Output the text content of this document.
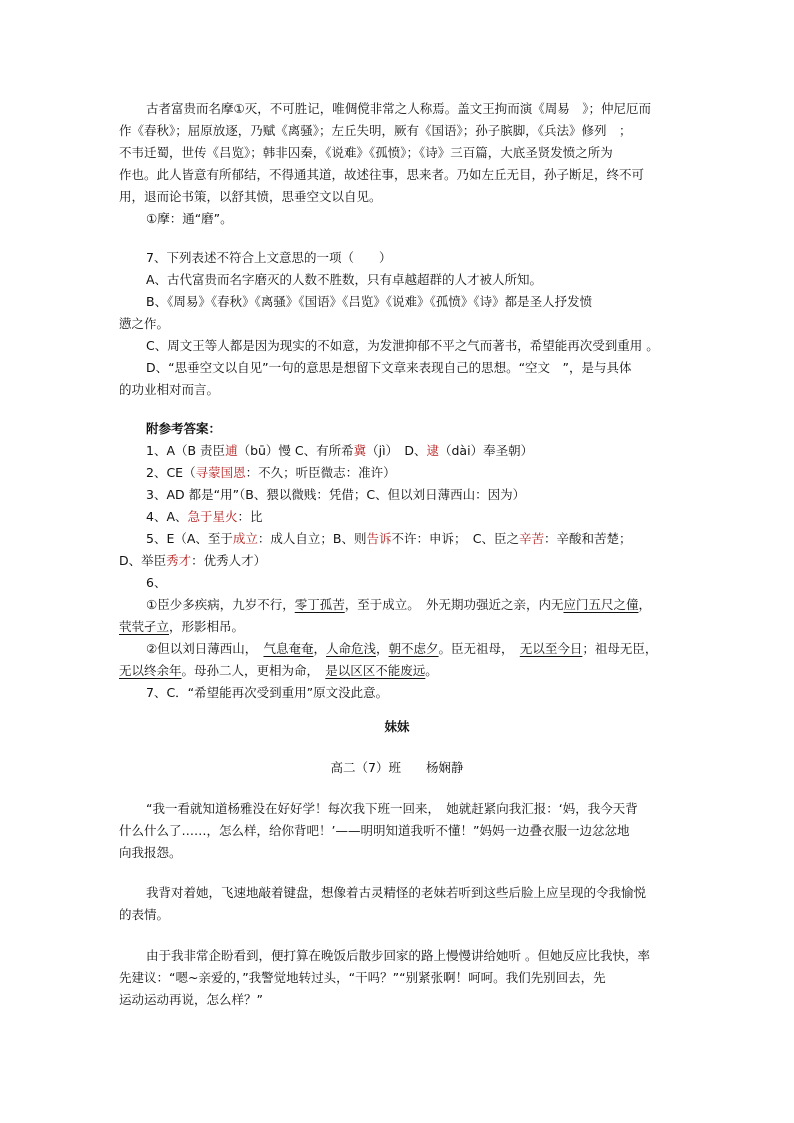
古者富贵而名摩①灭，不可胜记，唯倜傥非常之人称焉。盖文王拘而演《周易　》；仲尼厄而

作《春秋》；屈原放逐，乃赋《离骚》；左丘失明，厥有《国语》；孙子膑脚，《兵法》修列　；

不韦迁蜀，世传《吕览》；韩非囚秦，《说难》《孤愤》；《诗》三百篇，大底圣贤发愤之所为

作也。此人皆意有所郁结，不得通其道，故述往事，思来者。乃如左丘无目，孙子断足，终不可

用，退而论书策，以舒其愤，思垂空文以自见。

①摩：通“磨”。

7、下列表述不符合上文意思的一项（　　）

A、古代富贵而名字磨灭的人数不胜数，只有卓越超群的人才被人所知。

B、《周易》《春秋》《离骚》《国语》《吕览》《说难》《孤愤》《诗》都是圣人抒发愤

懑之作。

C、周文王等人都是因为现实的不如意，为发泄抑郁不平之气而著书，希望能再次受到重用 。

D、“思垂空文以自见”一句的意思是想留下文章来表现自己的思想。“空文　”，是与具体

的功业相对而言。

附参考答案：

1、A（B 责臣逋（bū）慢 C、有所希冀（jì）　D、逮（dài）奉圣朝）

2、CE（寻蒙国恩：不久；听臣微志：准许）

3、AD 都是“用”（B、猥以微贱：凭借；C、但以刘日薄西山：因为）

4、A、急于星火：比

5、E（A、至于成立：成人自立；B、则告诉不许：申诉；　C、臣之辛苦：辛酸和苦楚；

D、举臣秀才：优秀人才）

6、

①臣少多疾病，九岁不行，零丁孤苦，至于成立。　外无期功强近之亲，内无应门五尺之僮，

茕茕孑立，形影相吊。

②但以刘日薄西山，　气息奄奄，人命危浅，朝不虑夕。臣无祖母，　无以至今日；祖母无臣，

无以终余年。母孙二人，更相为命，　是以区区不能废远。

7、C．“希望能再次受到重用”原文没此意。

妹妹

高二（7）班　　杨娴静

“我一看就知道杨雅没在好好学！每次我下班一回来，　她就赶紧向我汇报：‘妈，我今天背

什么什么了……，怎么样，给你背吧！’——明明知道我听不懂！”妈妈一边叠衣服一边忿忿地

向我报怨。

我背对着她，飞速地敲着键盘，想像着古灵精怪的老妹若听到这些后脸上应呈现的令我愉悦

的表情。

由于我非常企盼看到，便打算在晚饭后散步回家的路上慢慢讲给她听 。但她反应比我快，率

先建议：“嗯~亲爱的，”我警觉地转过头，“干吗？”“别紧张啊！呵呵。我们先别回去，先

运动运动再说，怎么样？”
